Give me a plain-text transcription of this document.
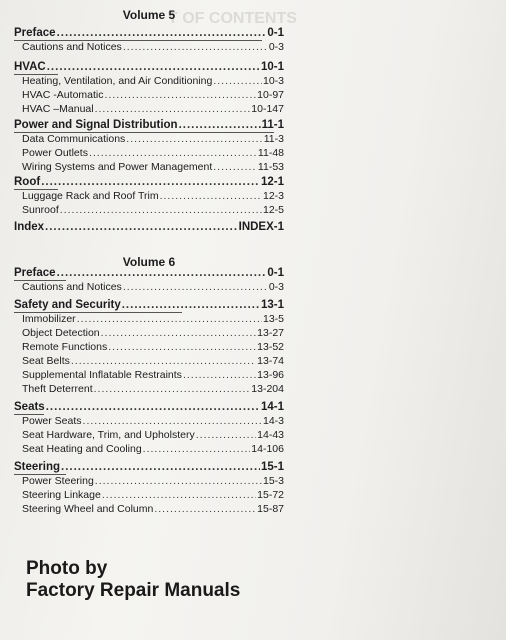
T OF CONTENTS
Volume 5
Preface .....	0-1
Cautions and Notices .....	0-3
HVAC .....	10-1
Heating, Ventilation, and Air Conditioning .....	10-3
HVAC -Automatic .....	10-97
HVAC –Manual .....	10-147
Power and Signal Distribution .....	11-1
Data Communications .....	11-3
Power Outlets .....	11-48
Wiring Systems and Power Management .....	11-53
Roof .....	12-1
Luggage Rack and Roof Trim .....	12-3
Sunroof .....	12-5
Index .....	INDEX-1
Volume 6
Preface .....	0-1
Cautions and Notices .....	0-3
Safety and Security .....	13-1
Immobilizer .....	13-5
Object Detection .....	13-27
Remote Functions .....	13-52
Seat Belts .....	13-74
Supplemental Inflatable Restraints .....	13-96
Theft Deterrent .....	13-204
Seats .....	14-1
Power Seats .....	14-3
Seat Hardware, Trim, and Upholstery .....	14-43
Seat Heating and Cooling .....	14-106
Steering .....	15-1
Power Steering .....	15-3
Steering Linkage .....	15-72
Steering Wheel and Column .....	15-87
Photo by
Factory Repair Manuals
